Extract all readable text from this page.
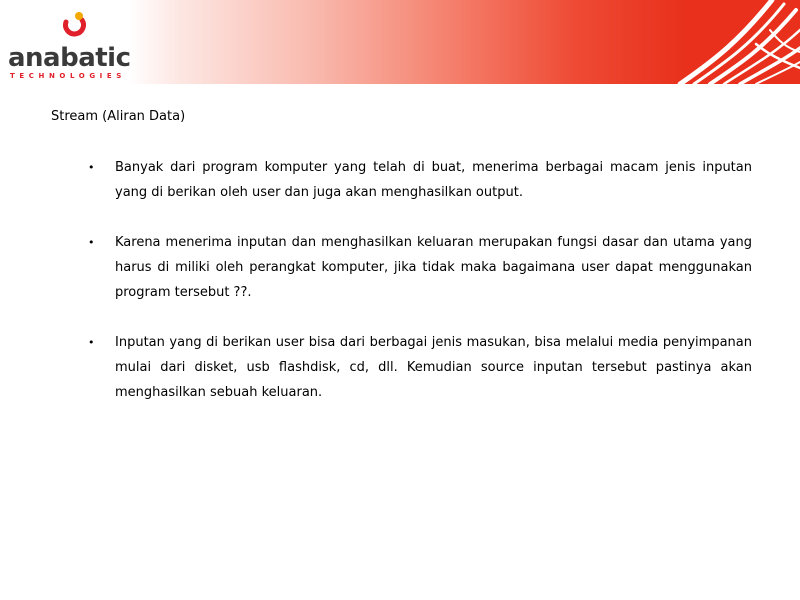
anabatic
TECHNOLOGIES
Stream (Aliran Data)
• Banyak dari program komputer yang telah di buat, menerima berbagai macam jenis inputan yang di berikan oleh user dan juga akan menghasilkan output.
• Karena menerima inputan dan menghasilkan keluaran merupakan fungsi dasar dan utama yang harus di miliki oleh perangkat komputer, jika tidak maka bagaimana user dapat menggunakan program tersebut ??.
• Inputan yang di berikan user bisa dari berbagai jenis masukan, bisa melalui media penyimpanan mulai dari disket, usb flashdisk, cd, dll. Kemudian source inputan tersebut pastinya akan menghasilkan sebuah keluaran.
